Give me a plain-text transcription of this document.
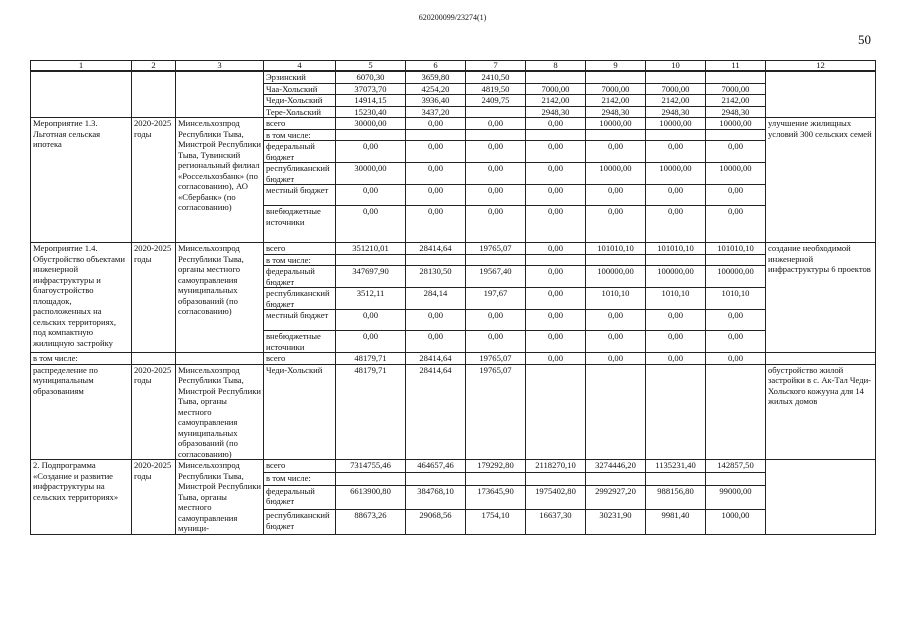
620200099/23274(1)
50
1	2	3	4	5	6	7	8	9	10	11	12
			Эрзинский	6070,30	3659,80	2410,50					
			Чаа-Хольский	37073,70	4254,20	4819,50	7000,00	7000,00	7000,00	7000,00	
			Чеди-Хольский	14914,15	3936,40	2409,75	2142,00	2142,00	2142,00	2142,00	
			Тере-Хольский	15230,40	3437,20		2948,30	2948,30	2948,30	2948,30	
Мероприятие 1.3. Льготная сельская ипотека	2020-2025 годы	Минсельхозпрод Республики Тыва, Минстрой Республики Тыва, Тувинский региональный филиал «Россельхозбанк» (по согласованию), АО «Сбербанк» (по согласованию)	всего	30000,00	0,00	0,00	0,00	10000,00	10000,00	10000,00	улучшение жилищных условий 300 сельских семей
			в том числе:								
			федеральный бюджет	0,00	0,00	0,00	0,00	0,00	0,00	0,00	
			республиканский бюджет	30000,00	0,00	0,00	0,00	10000,00	10000,00	10000,00	
			местный бюджет	0,00	0,00	0,00	0,00	0,00	0,00	0,00	
			внебюджетные источники	0,00	0,00	0,00	0,00	0,00	0,00	0,00	
Мероприятие 1.4. Обустройство объектами инженерной инфраструктуры и благоустройство площадок, расположенных на сельских территориях, под компактную жилищную застройку	2020-2025 годы	Минсельхозпрод Республики Тыва, органы местного самоуправления муниципальных образований (по согласованию)	всего	351210,01	28414,64	19765,07	0,00	101010,10	101010,10	101010,10	создание необходимой инженерной инфраструктуры 6 проектов
			в том числе:								
			федеральный бюджет	347697,90	28130,50	19567,40	0,00	100000,00	100000,00	100000,00	
			республиканский бюджет	3512,11	284,14	197,67	0,00	1010,10	1010,10	1010,10	
			местный бюджет	0,00	0,00	0,00	0,00	0,00	0,00	0,00	
			внебюджетные источники	0,00	0,00	0,00	0,00	0,00	0,00	0,00	
в том числе:			всего	48179,71	28414,64	19765,07	0,00	0,00	0,00	0,00	
распределение по муниципальным образованиям	2020-2025 годы	Минсельхозпрод Республики Тыва, Минстрой Республики Тыва, органы местного самоуправления муниципальных образований (по согласованию)	Чеди-Хольский	48179,71	28414,64	19765,07					обустройство жилой застройки в с. Ак-Тал Чеди-Хольского кожууна для 14 жилых домов
2. Подпрограмма «Создание и развитие инфраструктуры на сельских территориях»	2020-2025 годы	Минсельхозпрод Республики Тыва, Минстрой Республики Тыва, органы местного самоуправления муници-	всего	7314755,46	464657,46	179292,80	2118270,10	3274446,20	1135231,40	142857,50	
			в том числе:								
			федеральный бюджет	6613900,80	384768,10	173645,90	1975402,80	2992927,20	988156,80	99000,00	
			республиканский бюджет	88673,26	29068,56	1754,10	16637,30	30231,90	9981,40	1000,00	
